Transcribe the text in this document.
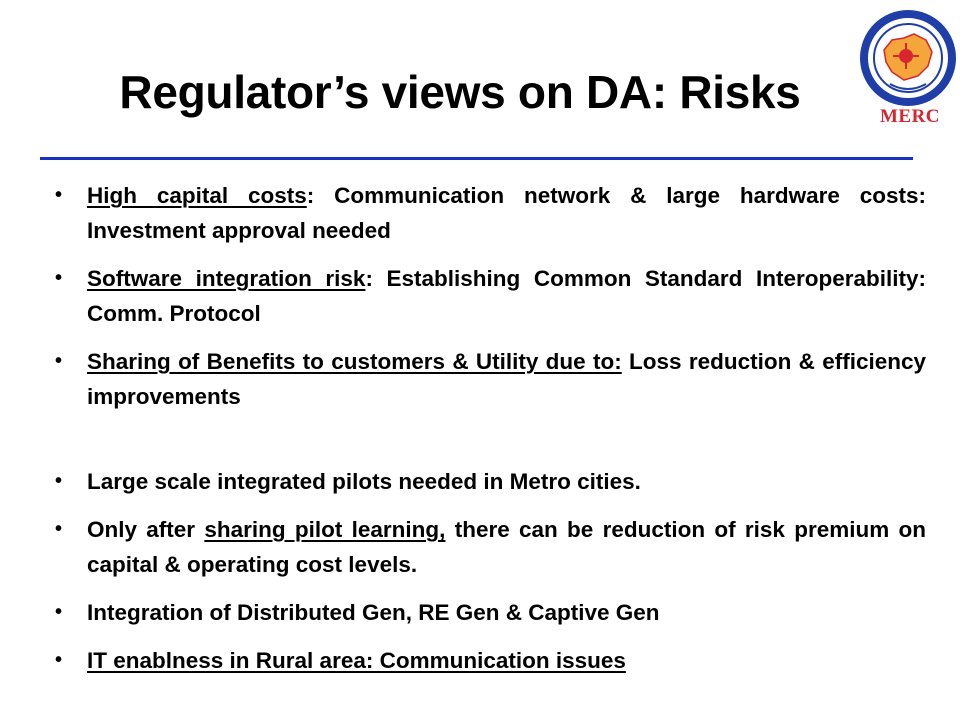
Regulator’s views on DA: Risks	MERC
• High capital costs: Communication network & large hardware costs: Investment approval needed
• Software integration risk: Establishing Common Standard Interoperability: Comm. Protocol
• Sharing of Benefits to customers & Utility due to: Loss reduction & efficiency improvements
• Large scale integrated pilots needed in Metro cities.
• Only after sharing pilot learning, there can be reduction of risk premium on capital & operating cost levels.
• Integration of Distributed Gen, RE Gen & Captive Gen
• IT enablness in Rural area: Communication issues
